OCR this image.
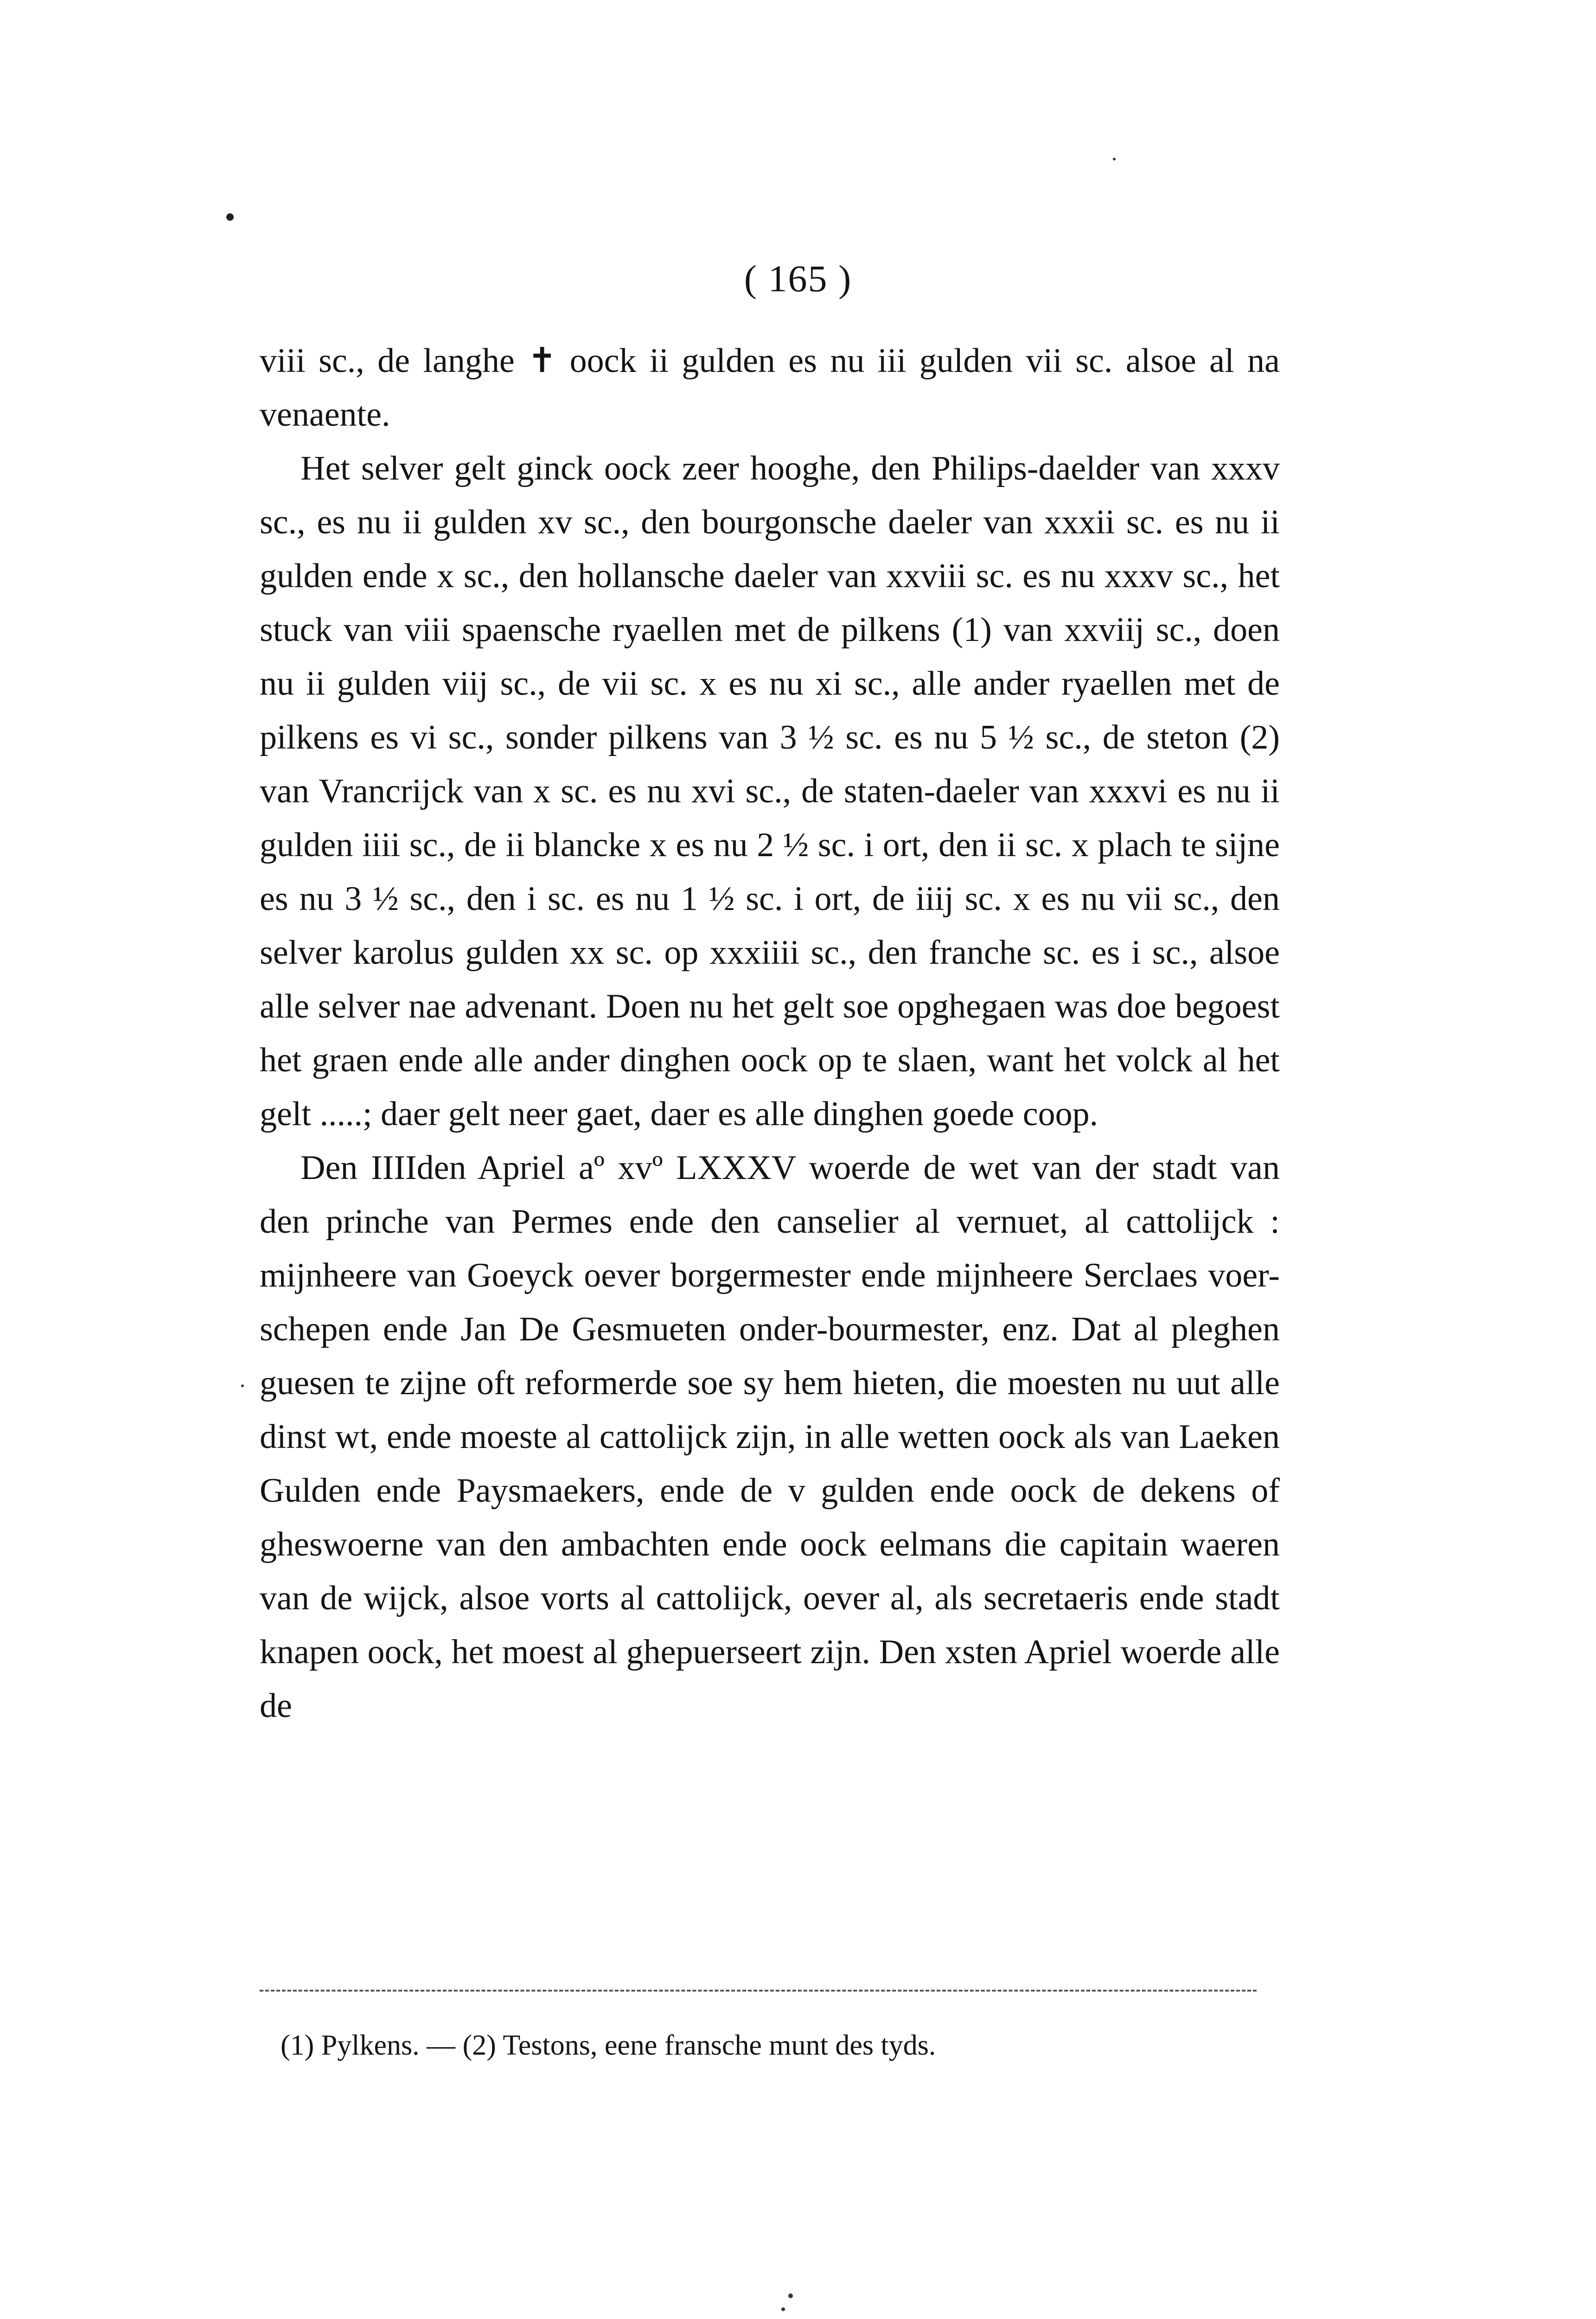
( 165 )

viii sc., de langhe ✝ oock ii gulden es nu iii gulden vii sc. alsoe al na venaente.

Het selver gelt ginck oock zeer hooghe, den Philips-daelder van xxxv sc., es nu ii gulden xv sc., den bourgonsche daeler van xxxii sc. es nu ii gulden ende x sc., den hollansche daeler van xxviii sc. es nu xxxv sc., het stuck van viii spaensche ryaellen met de pilkens (1) van xxviij sc., doen nu ii gulden viij sc., de vii sc. x es nu xi sc., alle ander ryaellen met de pilkens es vi sc., sonder pilkens van 3 ½ sc. es nu 5 ½ sc., de steton (2) van Vrancrijck van x sc. es nu xvi sc., de staten-daeler van xxxvi es nu ii gulden iiii sc., de ii blancke x es nu 2 ½ sc. i ort, den ii sc. x plach te sijne es nu 3 ½ sc., den i sc. es nu 1 ½ sc. i ort, de iiij sc. x es nu vii sc., den selver karolus gulden xx sc. op xxxiiii sc., den franche sc. es i sc., alsoe alle selver nae advenant. Doen nu het gelt soe opghegaen was doe begoest het graen ende alle ander dinghen oock op te slaen, want het volck al het gelt .....; daer gelt neer gaet, daer es alle dinghen goede coop.

Den IIIIden Apriel aº xvº LXXXV woerde de wet van der stadt van den prinche van Permes ende den canselier al vernuet, al cattolijck : mijnheere van Goeyck oever borgermester ende mijnheere Serclaes voer-schepen ende Jan De Gesmueten onder-bourmester, enz. Dat al pleghen guesen te zijne oft reformerde soe sy hem hieten, die moesten nu uut alle dinst wt, ende moeste al cattolijck zijn, in alle wetten oock als van Laeken Gulden ende Paysmaekers, ende de v gulden ende oock de dekens of gheswoerne van den ambachten ende oock eelmans die capitain waeren van de wijck, alsoe vorts al cattolijck, oever al, als secretaeris ende stadt knapen oock, het moest al ghepuerseert zijn. Den xsten Apriel woerde alle de

(1) Pylkens. — (2) Testons, eene fransche munt des tyds.
